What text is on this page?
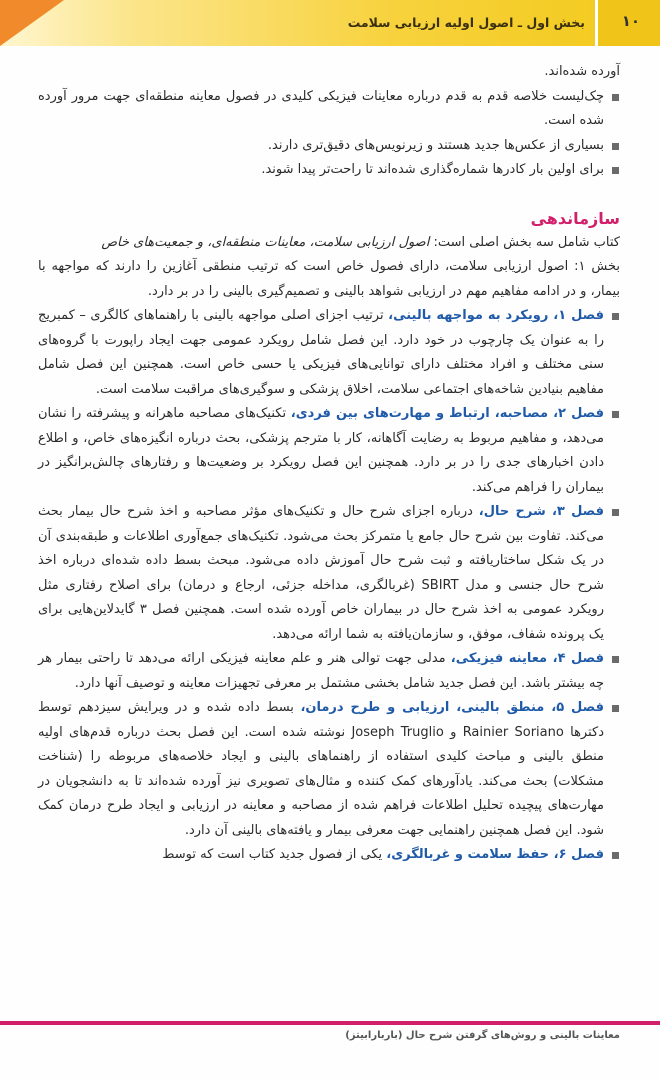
۱۰
بخش اول ـ اصول اولیه ارزیابی سلامت

آورده شده‌اند.

چک‌لیست خلاصه قدم به قدم درباره معاینات فیزیکی کلیدی در فصول معاینه منطقه‌ای جهت مرور آورده شده است.
بسیاری از عکس‌ها جدید هستند و زیرنویس‌های دقیق‌تری دارند.
برای اولین بار کادرها شماره‌گذاری شده‌اند تا راحت‌تر پیدا شوند.
سازماندهی

کتاب شامل سه بخش اصلی است: اصول ارزیابی سلامت، معاینات منطقه‌ای، و جمعیت‌های خاص

بخش ۱: اصول ارزیابی سلامت، دارای فصول خاص است که ترتیب منطقی آغازین را دارند که مواجهه با بیمار، و در ادامه مفاهیم مهم در ارزیابی شواهد بالینی و تصمیم‌گیری بالینی را در بر دارد.

فصل ۱، رویکرد به مواجهه بالینی، ترتیب اجزای اصلی مواجهه بالینی با راهنماهای کالگری – کمبریج را به عنوان یک چارچوب در خود دارد. این فصل شامل رویکرد عمومی جهت ایجاد راپورت با گروه‌های سنی مختلف و افراد مختلف دارای توانایی‌های فیزیکی یا حسی خاص است. همچنین این فصل شامل مفاهیم بنیادین شاخه‌های اجتماعی سلامت، اخلاق پزشکی و سوگیری‌های مراقبت سلامت است.
فصل ۲، مصاحبه، ارتباط و مهارت‌های بین فردی، تکنیک‌های مصاحبه ماهرانه و پیشرفته را نشان می‌دهد، و مفاهیم مربوط به رضایت آگاهانه، کار با مترجم پزشکی، بحث درباره انگیزه‌های خاص، و اطلاع دادن اخبارهای جدی را در بر دارد. همچنین این فصل رویکرد بر وضعیت‌ها و رفتارهای چالش‌برانگیز در بیماران را فراهم می‌کند.
فصل ۳، شرح حال، درباره اجزای شرح حال و تکنیک‌های مؤثر مصاحبه و اخذ شرح حال بیمار بحث می‌کند. تفاوت بین شرح حال جامع یا متمرکز بحث می‌شود. تکنیک‌های جمع‌آوری اطلاعات و طبقه‌بندی آن در یک شکل ساختاریافته و ثبت شرح حال آموزش داده می‌شود. مبحث بسط داده شده‌ای درباره اخذ شرح حال جنسی و مدل SBIRT (غربالگری، مداخله جزئی، ارجاع و درمان) برای اصلاح رفتاری مثل رویکرد عمومی به اخذ شرح حال در بیماران خاص آورده شده است. همچنین فصل ۳ گایدلاین‌هایی برای یک پرونده شفاف، موفق، و سازمان‌یافته به شما ارائه می‌دهد.
فصل ۴، معاینه فیزیکی، مدلی جهت توالی هنر و علم معاینه فیزیکی ارائه می‌دهد تا راحتی بیمار هر چه بیشتر باشد. این فصل جدید شامل بخشی مشتمل بر معرفی تجهیزات معاینه و توصیف آنها دارد.
فصل ۵، منطق بالینی، ارزیابی و طرح درمان، بسط داده شده و در ویرایش سیزدهم توسط دکترها Rainier Soriano و Joseph Truglio نوشته شده است. این فصل بحث درباره قدم‌های اولیه منطق بالینی و مباحث کلیدی استفاده از راهنماهای بالینی و ایجاد خلاصه‌های مربوطه را (شناخت مشکلات) بحث می‌کند. یادآورهای کمک کننده و مثال‌های تصویری نیز آورده شده‌اند تا به دانشجویان در مهارت‌های پیچیده تحلیل اطلاعات فراهم شده از مصاحبه و معاینه در ارزیابی و ایجاد طرح درمان کمک شود. این فصل همچنین راهنمایی جهت معرفی بیمار و یافته‌های بالینی آن دارد.
فصل ۶، حفظ سلامت و غربالگری، یکی از فصول جدید کتاب است که توسط
معاینات بالینی و روش‌های گرفتن شرح حال (باربارابیتز)
